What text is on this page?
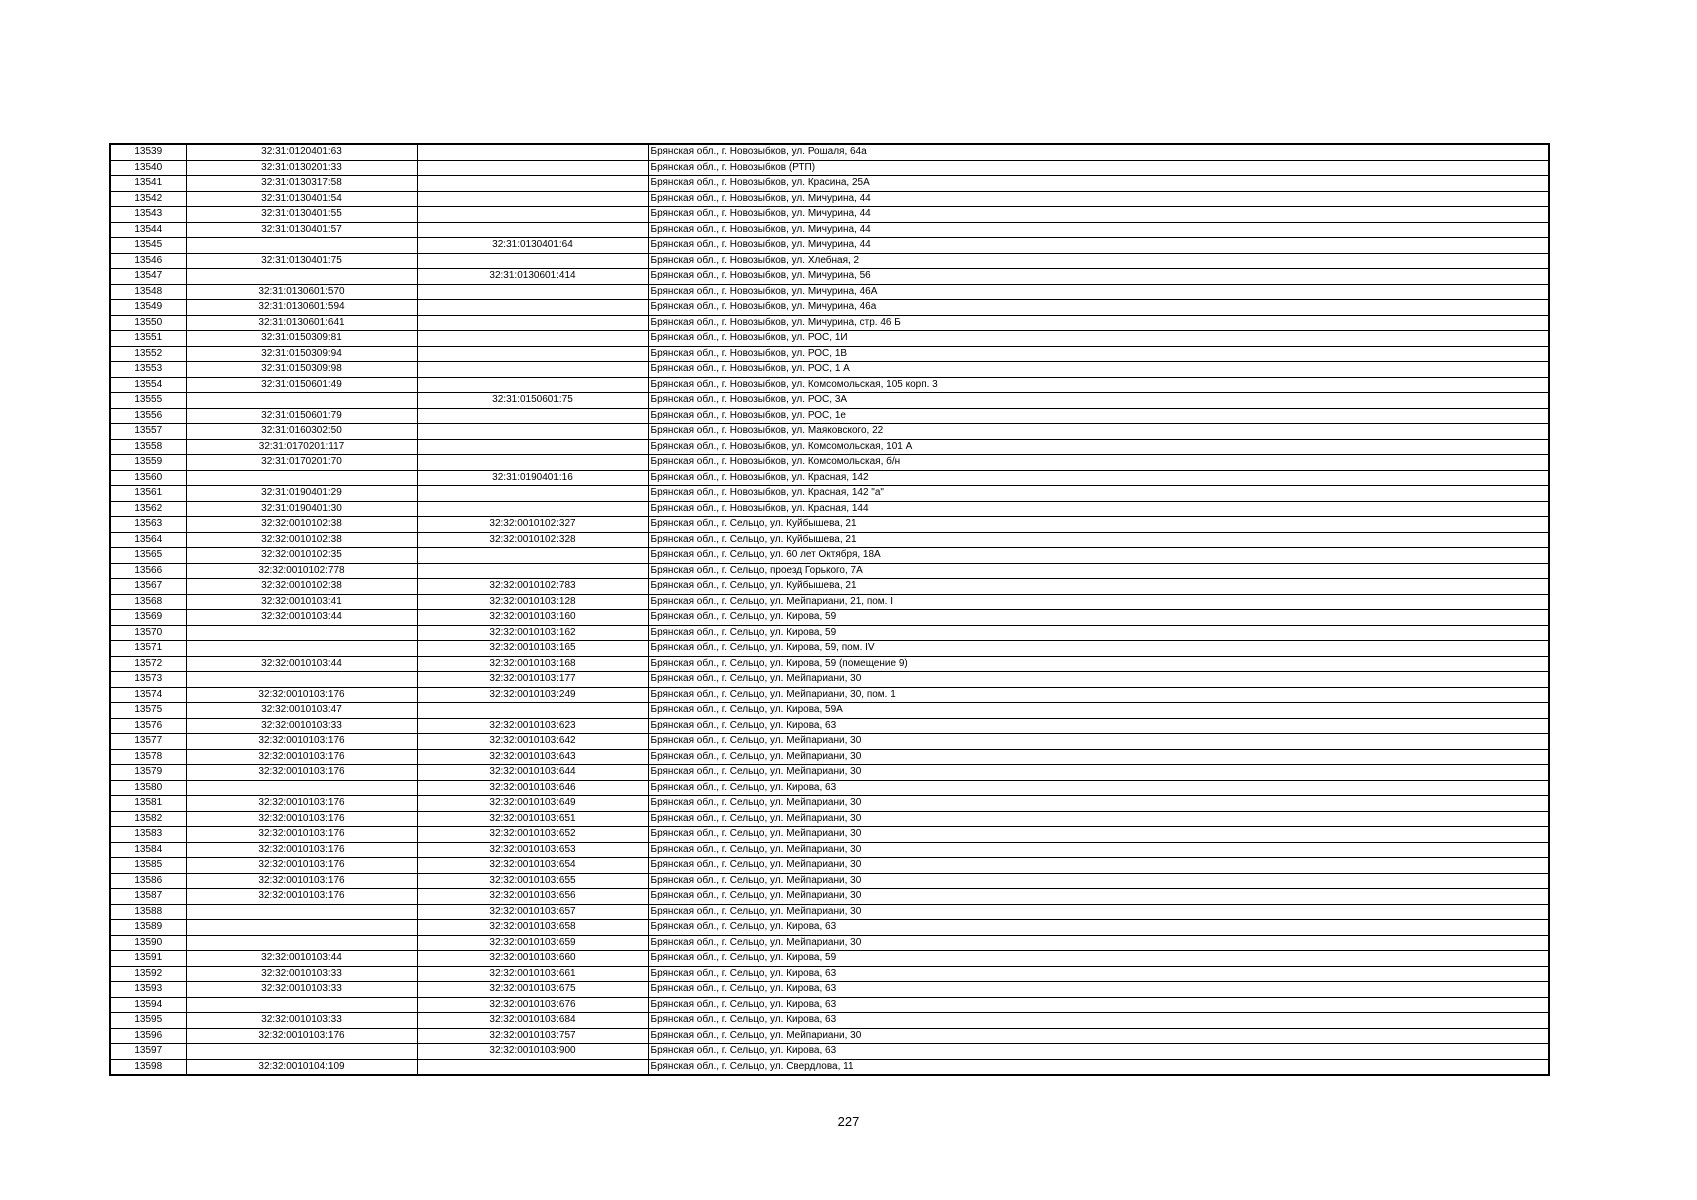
13539	32:31:0120401:63		Брянская обл., г. Новозыбков, ул. Рошаля, 64а
13540	32:31:0130201:33		Брянская обл., г. Новозыбков (РТП)
13541	32:31:0130317:58		Брянская обл., г. Новозыбков, ул. Красина, 25А
13542	32:31:0130401:54		Брянская обл., г. Новозыбков, ул. Мичурина, 44
13543	32:31:0130401:55		Брянская обл., г. Новозыбков, ул. Мичурина, 44
13544	32:31:0130401:57		Брянская обл., г. Новозыбков, ул. Мичурина, 44
13545		32:31:0130401:64	Брянская обл., г. Новозыбков, ул. Мичурина, 44
13546	32:31:0130401:75		Брянская обл., г. Новозыбков, ул. Хлебная, 2
13547		32:31:0130601:414	Брянская обл., г. Новозыбков, ул. Мичурина, 56
13548	32:31:0130601:570		Брянская обл., г. Новозыбков, ул. Мичурина, 46А
13549	32:31:0130601:594		Брянская обл., г. Новозыбков, ул. Мичурина, 46а
13550	32:31:0130601:641		Брянская обл., г. Новозыбков, ул. Мичурина, стр. 46 Б
13551	32:31:0150309:81		Брянская обл., г. Новозыбков, ул. РОС, 1И
13552	32:31:0150309:94		Брянская обл., г. Новозыбков, ул. РОС, 1В
13553	32:31:0150309:98		Брянская обл., г. Новозыбков, ул. РОС, 1 А
13554	32:31:0150601:49		Брянская обл., г. Новозыбков, ул. Комсомольская, 105 корп. 3
13555		32:31:0150601:75	Брянская обл., г. Новозыбков, ул. РОС, 3А
13556	32:31:0150601:79		Брянская обл., г. Новозыбков, ул. РОС, 1е
13557	32:31:0160302:50		Брянская обл., г. Новозыбков, ул. Маяковского, 22
13558	32:31:0170201:117		Брянская обл., г. Новозыбков, ул. Комсомольская, 101 А
13559	32:31:0170201:70		Брянская обл., г. Новозыбков, ул. Комсомольская, б/н
13560		32:31:0190401:16	Брянская обл., г. Новозыбков, ул. Красная, 142
13561	32:31:0190401:29		Брянская обл., г. Новозыбков, ул. Красная, 142 "а"
13562	32:31:0190401:30		Брянская обл., г. Новозыбков, ул. Красная, 144
13563	32:32:0010102:38	32:32:0010102:327	Брянская обл., г. Сельцо, ул. Куйбышева, 21
13564	32:32:0010102:38	32:32:0010102:328	Брянская обл., г. Сельцо, ул. Куйбышева, 21
13565	32:32:0010102:35		Брянская обл., г. Сельцо, ул. 60 лет Октября, 18А
13566	32:32:0010102:778		Брянская обл., г. Сельцо, проезд Горького, 7А
13567	32:32:0010102:38	32:32:0010102:783	Брянская обл., г. Сельцо, ул. Куйбышева, 21
13568	32:32:0010103:41	32:32:0010103:128	Брянская обл., г. Сельцо, ул. Мейпариани, 21, пом. I
13569	32:32:0010103:44	32:32:0010103:160	Брянская обл., г. Сельцо, ул. Кирова, 59
13570		32:32:0010103:162	Брянская обл., г. Сельцо, ул. Кирова, 59
13571		32:32:0010103:165	Брянская обл., г. Сельцо, ул. Кирова, 59, пом. IV
13572	32:32:0010103:44	32:32:0010103:168	Брянская обл., г. Сельцо, ул. Кирова, 59 (помещение 9)
13573		32:32:0010103:177	Брянская обл., г. Сельцо, ул. Мейпариани, 30
13574	32:32:0010103:176	32:32:0010103:249	Брянская обл., г. Сельцо, ул. Мейпариани, 30, пом. 1
13575	32:32:0010103:47		Брянская обл., г. Сельцо, ул. Кирова, 59А
13576	32:32:0010103:33	32:32:0010103:623	Брянская обл., г. Сельцо, ул. Кирова, 63
13577	32:32:0010103:176	32:32:0010103:642	Брянская обл., г. Сельцо, ул. Мейпариани, 30
13578	32:32:0010103:176	32:32:0010103:643	Брянская обл., г. Сельцо, ул. Мейпариани, 30
13579	32:32:0010103:176	32:32:0010103:644	Брянская обл., г. Сельцо, ул. Мейпариани, 30
13580		32:32:0010103:646	Брянская обл., г. Сельцо, ул. Кирова, 63
13581	32:32:0010103:176	32:32:0010103:649	Брянская обл., г. Сельцо, ул. Мейпариани, 30
13582	32:32:0010103:176	32:32:0010103:651	Брянская обл., г. Сельцо, ул. Мейпариани, 30
13583	32:32:0010103:176	32:32:0010103:652	Брянская обл., г. Сельцо, ул. Мейпариани, 30
13584	32:32:0010103:176	32:32:0010103:653	Брянская обл., г. Сельцо, ул. Мейпариани, 30
13585	32:32:0010103:176	32:32:0010103:654	Брянская обл., г. Сельцо, ул. Мейпариани, 30
13586	32:32:0010103:176	32:32:0010103:655	Брянская обл., г. Сельцо, ул. Мейпариани, 30
13587	32:32:0010103:176	32:32:0010103:656	Брянская обл., г. Сельцо, ул. Мейпариани, 30
13588		32:32:0010103:657	Брянская обл., г. Сельцо, ул. Мейпариани, 30
13589		32:32:0010103:658	Брянская обл., г. Сельцо, ул. Кирова, 63
13590		32:32:0010103:659	Брянская обл., г. Сельцо, ул. Мейпариани, 30
13591	32:32:0010103:44	32:32:0010103:660	Брянская обл., г. Сельцо, ул. Кирова, 59
13592	32:32:0010103:33	32:32:0010103:661	Брянская обл., г. Сельцо, ул. Кирова, 63
13593	32:32:0010103:33	32:32:0010103:675	Брянская обл., г. Сельцо, ул. Кирова, 63
13594		32:32:0010103:676	Брянская обл., г. Сельцо, ул. Кирова, 63
13595	32:32:0010103:33	32:32:0010103:684	Брянская обл., г. Сельцо, ул. Кирова, 63
13596	32:32:0010103:176	32:32:0010103:757	Брянская обл., г. Сельцо, ул. Мейпариани, 30
13597		32:32:0010103:900	Брянская обл., г. Сельцо, ул. Кирова, 63
13598	32:32:0010104:109		Брянская обл., г. Сельцо, ул. Свердлова, 11
227
